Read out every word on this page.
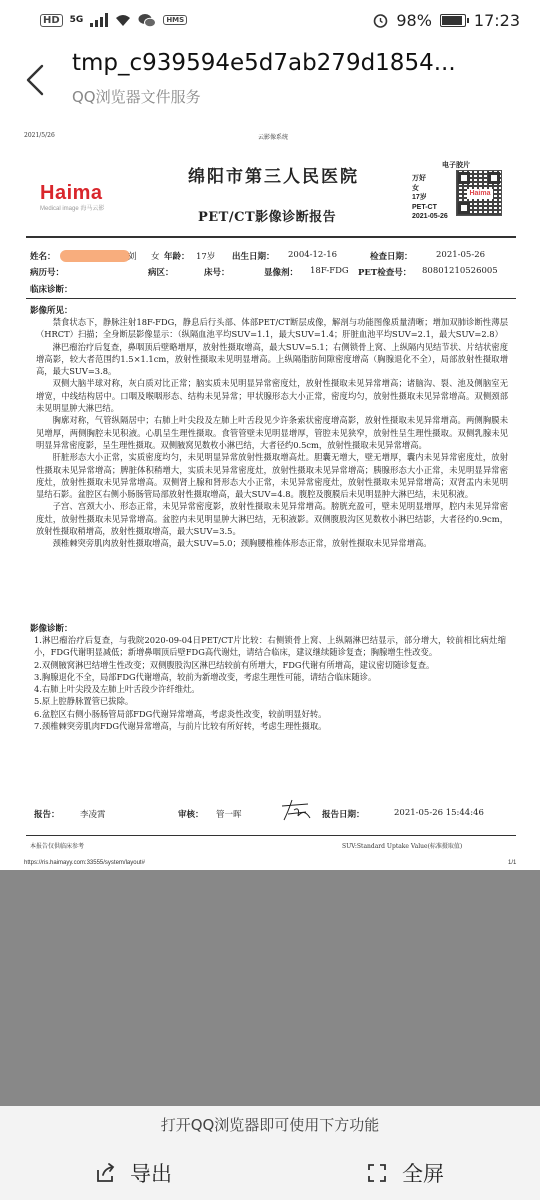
HD	5G	HMS	98%	17:23
tmp_c939594e5d7ab279d1854...
QQ浏览器文件服务
2021/5/26	云影像系统
Haima
Medical image 海马云影
绵阳市第三人民医院
PET/CT影像诊断报告
电子胶片
万好
女
17岁
PET-CT
2021-05-26
Haima
姓名：	刘 女 年龄： 17岁 出生日期： 2004-12-16	检查日期：	2021-05-26
病历号：	病区：	床号：	显像剂： 18F-FDG PET检查号： 80801210526005
临床诊断：
影像所见：

禁食状态下，静脉注射18F-FDG，静息后行头部、体部PET/CT断层成像，解剖与功能图像质量清晰；增加双肺诊断性薄层（HRCT）扫描；全身断层影像显示：（纵隔血池平均SUV=1.1，最大SUV=1.4；肝脏血池平均SUV=2.1，最大SUV=2.8）

淋巴瘤治疗后复查，鼻咽顶后壁略增厚，放射性摄取增高，最大SUV=5.1；右侧锁骨上窝、上纵隔内见结节状、片结状密度增高影，较大者范围约1.5×1.1cm，放射性摄取未见明显增高。上纵隔脂肪间隙密度增高（胸腺退化不全），局部放射性摄取增高，最大SUV=3.8。

双侧大脑半球对称，灰白质对比正常；脑实质未见明显异常密度灶，放射性摄取未见异常增高；诸脑沟、裂、池及侧脑室无增宽，中线结构居中。口咽及喉咽形态、结构未见异常；甲状腺形态大小正常，密度均匀，放射性摄取未见异常增高。双侧颈部未见明显肿大淋巴结。

胸廓对称，气管纵隔居中；右肺上叶尖段及左肺上叶舌段见少许条索状密度增高影，放射性摄取未见异常增高。两侧胸膜未见增厚，两侧胸腔未见积液。心肌呈生理性摄取。食管管壁未见明显增厚，管腔未见狭窄，放射性呈生理性摄取。双侧乳腺未见明显异常密度影，呈生理性摄取。双侧腋窝见数枚小淋巴结，大者径约0.5cm，放射性摄取未见异常增高。

肝脏形态大小正常，实质密度均匀，未见明显异常放射性摄取增高灶。胆囊无增大，壁无增厚，囊内未见异常密度灶，放射性摄取未见异常增高；脾脏体积稍增大，实质未见异常密度灶，放射性摄取未见异常增高；胰腺形态大小正常，未见明显异常密度灶，放射性摄取未见异常增高。双侧肾上腺和肾形态大小正常，未见异常密度灶，放射性摄取未见异常增高；双肾盂内未见明显结石影。盆腔区右侧小肠肠管局部放射性摄取增高，最大SUV=4.8。腹腔及腹膜后未见明显肿大淋巴结，未见积液。

子宫、宫颈大小、形态正常，未见异常密度影，放射性摄取未见异常增高。膀胱充盈可，壁未见明显增厚，腔内未见异常密度灶，放射性摄取未见异常增高。盆腔内未见明显肿大淋巴结，无积液影。双侧腹股沟区见数枚小淋巴结影，大者径约0.9cm，放射性摄取稍增高，放射性摄取增高，最大SUV=3.5。

颈椎棘突旁肌肉放射性摄取增高，最大SUV=5.0；颈胸腰椎椎体形态正常，放射性摄取未见异常增高。

影像诊断：

1.淋巴瘤治疗后复查，与我院2020-09-04日PET/CT片比较：右侧锁骨上窝、上纵隔淋巴结显示，部分增大，较前相比病灶缩小，FDG代谢明显减低；新增鼻咽顶后壁FDG高代谢灶，请结合临床，建议继续随诊复查；胸腺增生性改变。

2.双侧腋窝淋巴结增生性改变；双侧腹股沟区淋巴结较前有所增大，FDG代谢有所增高，建议密切随诊复查。

3.胸腺退化不全，局部FDG代谢增高，较前为新增改变，考虑生理性可能，请结合临床随诊。

4.右肺上叶尖段及左肺上叶舌段少许纤维灶。

5.原上腔静脉置管已拔除。

6.盆腔区右侧小肠肠管局部FDG代谢异常增高，考虑炎性改变，较前明显好转。

7.颈椎棘突旁肌肉FDG代谢异常增高，与前片比较有所好转，考虑生理性摄取。

报告： 李凌霄	审核： 管一晖	报告日期：	2021-05-26 15:44:46
本报告仅供临床参考	SUV:Standard Uptake Value(标准摄取值)
https://ris.haimayy.com:33555/system/layout#	1/1
打开QQ浏览器即可使用下方功能
导出	全屏
